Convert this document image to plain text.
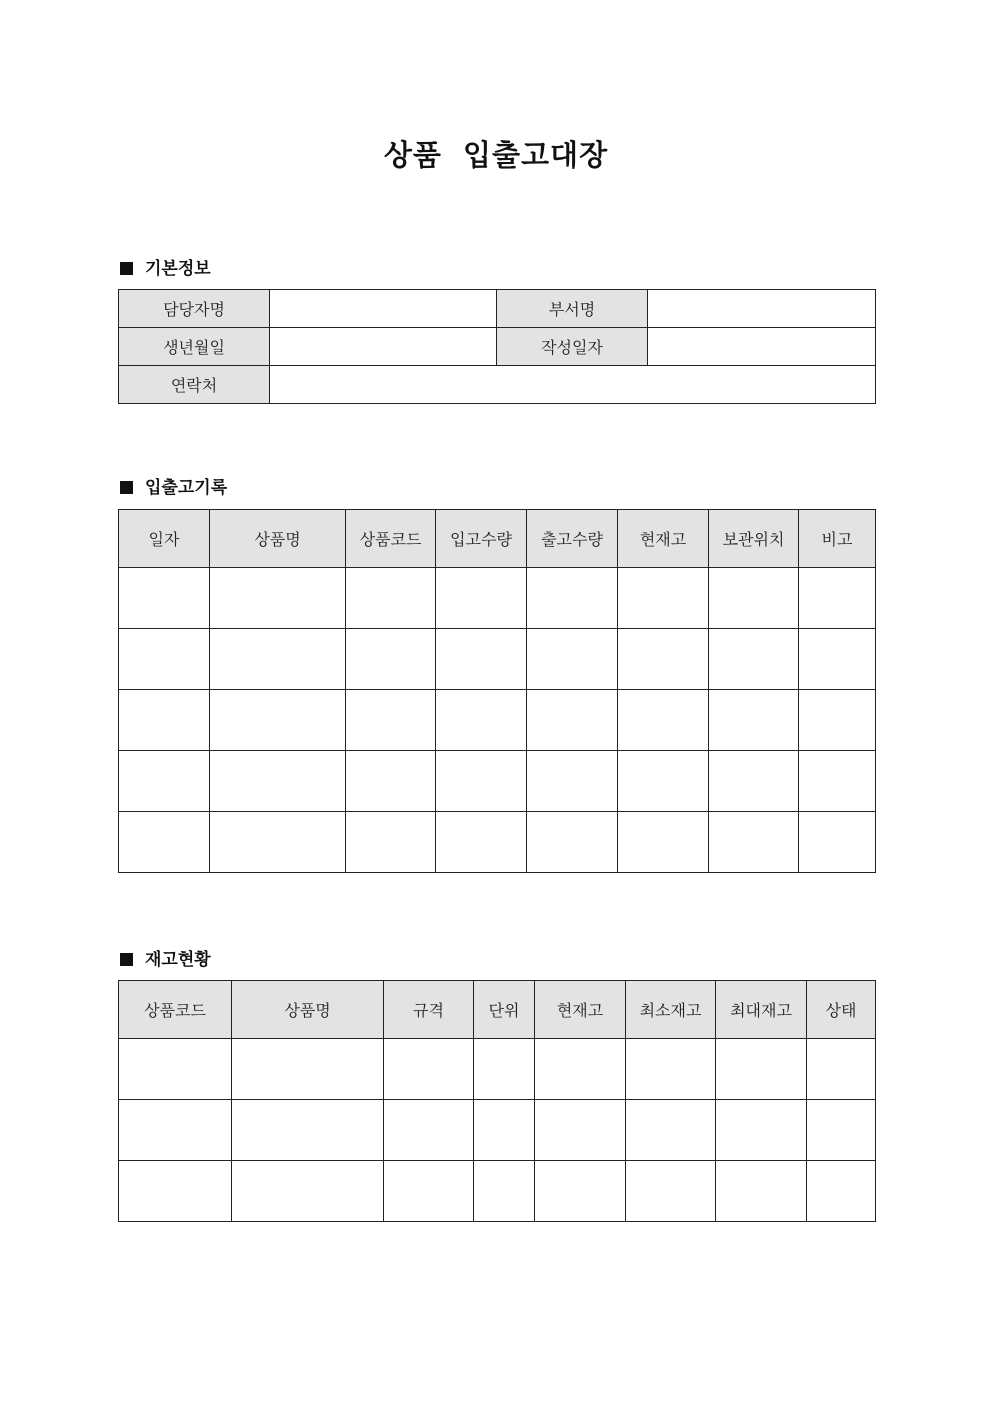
상품 입출고대장
기본정보
담당자명		부서명	
생년월일		작성일자	
연락처			
입출고기록
일자	상품명	상품코드	입고수량	출고수량	현재고	보관위치	비고

재고현황
상품코드	상품명	규격	단위	현재고	최소재고	최대재고	상태
